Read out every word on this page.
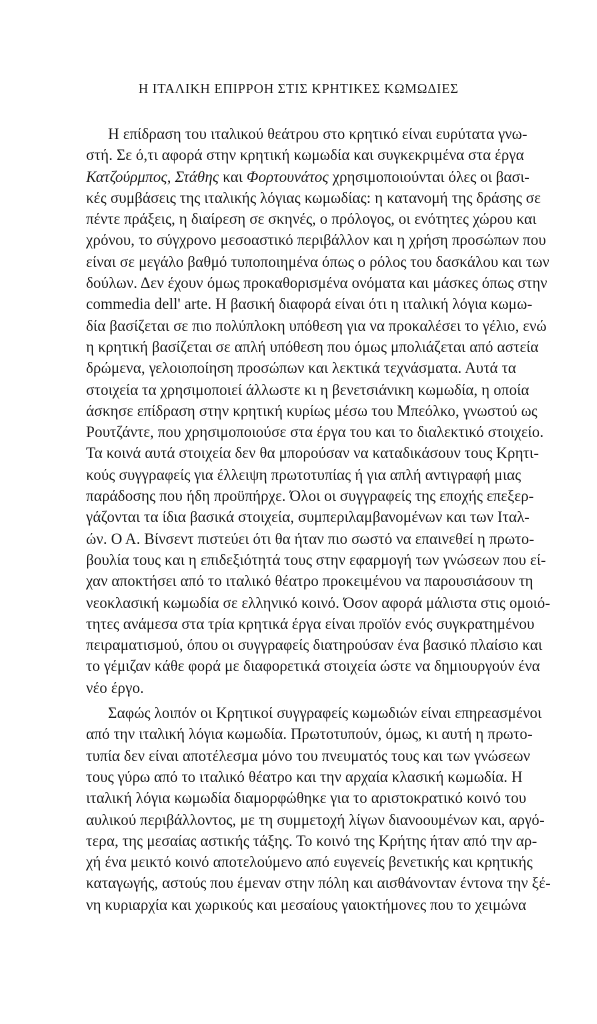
Η ΙΤΑΛΙΚΗ ΕΠΙΡΡΟΗ ΣΤΙΣ ΚΡΗΤΙΚΕΣ ΚΩΜΩΔΙΕΣ
Η επίδραση του ιταλικού θεάτρου στο κρητικό είναι ευρύτατα γνω-
στή. Σε ό,τι αφορά στην κρητική κωμωδία και συγκεκριμένα στα έργα
Κατζούρμπος, Στάθης και Φορτουνάτος χρησιμοποιούνται όλες οι βασι-
κές συμβάσεις της ιταλικής λόγιας κωμωδίας: η κατανομή της δράσης σε
πέντε πράξεις, η διαίρεση σε σκηνές, ο πρόλογος, οι ενότητες χώρου και
χρόνου, το σύγχρονο μεσοαστικό περιβάλλον και η χρήση προσώπων που
είναι σε μεγάλο βαθμό τυποποιημένα όπως ο ρόλος του δασκάλου και των
δούλων. Δεν έχουν όμως προκαθορισμένα ονόματα και μάσκες όπως στην
commedia dell' arte. Η βασική διαφορά είναι ότι η ιταλική λόγια κωμω-
δία βασίζεται σε πιο πολύπλοκη υπόθεση για να προκαλέσει το γέλιο, ενώ
η κρητική βασίζεται σε απλή υπόθεση που όμως μπολιάζεται από αστεία
δρώμενα, γελοιοποίηση προσώπων και λεκτικά τεχνάσματα. Αυτά τα
στοιχεία τα χρησιμοποιεί άλλωστε κι η βενετσιάνικη κωμωδία, η οποία
άσκησε επίδραση στην κρητική κυρίως μέσω του Μπεόλκο, γνωστού ως
Ρουτζάντε, που χρησιμοποιούσε στα έργα του και το διαλεκτικό στοιχείο.
Τα κοινά αυτά στοιχεία δεν θα μπορούσαν να καταδικάσουν τους Κρητι-
κούς συγγραφείς για έλλειψη πρωτοτυπίας ή για απλή αντιγραφή μιας
παράδοσης που ήδη προϋπήρχε. Όλοι οι συγγραφείς της εποχής επεξερ-
γάζονται τα ίδια βασικά στοιχεία, συμπεριλαμβανομένων και των Ιταλ-
ών. Ο Α. Βίνσεντ πιστεύει ότι θα ήταν πιο σωστό να επαινεθεί η πρωτο-
βουλία τους και η επιδεξιότητά τους στην εφαρμογή των γνώσεων που εί-
χαν αποκτήσει από το ιταλικό θέατρο προκειμένου να παρουσιάσουν τη
νεοκλασική κωμωδία σε ελληνικό κοινό. Όσον αφορά μάλιστα στις ομοιό-
τητες ανάμεσα στα τρία κρητικά έργα είναι προϊόν ενός συγκρατημένου
πειραματισμού, όπου οι συγγραφείς διατηρούσαν ένα βασικό πλαίσιο και
το γέμιζαν κάθε φορά με διαφορετικά στοιχεία ώστε να δημιουργούν ένα
νέο έργο.
Σαφώς λοιπόν οι Κρητικοί συγγραφείς κωμωδιών είναι επηρεασμένοι
από την ιταλική λόγια κωμωδία. Πρωτοτυπούν, όμως, κι αυτή η πρωτο-
τυπία δεν είναι αποτέλεσμα μόνο του πνευματός τους και των γνώσεων
τους γύρω από το ιταλικό θέατρο και την αρχαία κλασική κωμωδία. Η
ιταλική λόγια κωμωδία διαμορφώθηκε για το αριστοκρατικό κοινό του
αυλικού περιβάλλοντος, με τη συμμετοχή λίγων διανοουμένων και, αργό-
τερα, της μεσαίας αστικής τάξης. Το κοινό της Κρήτης ήταν από την αρ-
χή ένα μεικτό κοινό αποτελούμενο από ευγενείς βενετικής και κρητικής
καταγωγής, αστούς που έμεναν στην πόλη και αισθάνονταν έντονα την ξέ-
νη κυριαρχία και χωρικούς και μεσαίους γαιοκτήμονες που το χειμώνα
